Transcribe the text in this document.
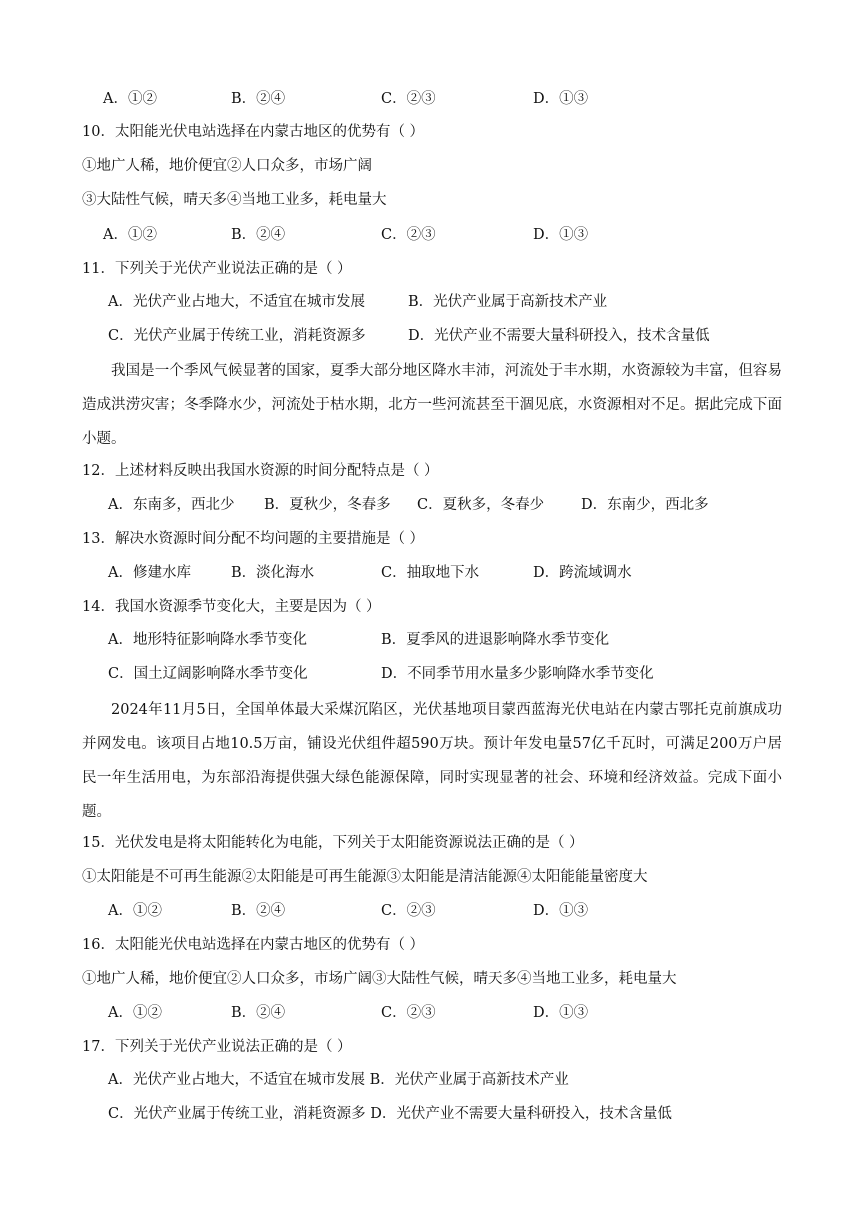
A．①②	B．②④	C．②③	D．①③
10．太阳能光伏电站选择在内蒙古地区的优势有（ ）
①地广人稀，地价便宜②人口众多，市场广阔
③大陆性气候，晴天多④当地工业多，耗电量大
A．①②	B．②④	C．②③	D．①③
11．下列关于光伏产业说法正确的是（ ）
A．光伏产业占地大，不适宜在城市发展	B．光伏产业属于高新技术产业
C．光伏产业属于传统工业，消耗资源多	D．光伏产业不需要大量科研投入，技术含量低

我国是一个季风气候显著的国家，夏季大部分地区降水丰沛，河流处于丰水期，水资源较为丰富，但容易造成洪涝灾害；冬季降水少，河流处于枯水期，北方一些河流甚至干涸见底，水资源相对不足。据此完成下面小题。

12．上述材料反映出我国水资源的时间分配特点是（ ）
A．东南多，西北少 B．夏秋少，冬春多 C．夏秋多，冬春少	D．东南少，西北多
13．解决水资源时间分配不均问题的主要措施是（ ）
A．修建水库	B．淡化海水	C．抽取地下水	D．跨流域调水
14．我国水资源季节变化大，主要是因为（ ）
A．地形特征影响降水季节变化	B．夏季风的进退影响降水季节变化
C．国土辽阔影响降水季节变化	D．不同季节用水量多少影响降水季节变化

2024年11月5日，全国单体最大采煤沉陷区，光伏基地项目蒙西蓝海光伏电站在内蒙古鄂托克前旗成功并网发电。该项目占地10.5万亩，铺设光伏组件超590万块。预计年发电量57亿千瓦时，可满足200万户居民一年生活用电，为东部沿海提供强大绿色能源保障，同时实现显著的社会、环境和经济效益。完成下面小题。

15．光伏发电是将太阳能转化为电能，下列关于太阳能资源说法正确的是（ ）
①太阳能是不可再生能源②太阳能是可再生能源③太阳能是清洁能源④太阳能能量密度大
A．①②	B．②④	C．②③	D．①③
16．太阳能光伏电站选择在内蒙古地区的优势有（ ）
①地广人稀，地价便宜②人口众多，市场广阔③大陆性气候，晴天多④当地工业多，耗电量大
A．①②	B．②④	C．②③	D．①③
17．下列关于光伏产业说法正确的是（ ）
A．光伏产业占地大，不适宜在城市发展 B．光伏产业属于高新技术产业
C．光伏产业属于传统工业，消耗资源多 D．光伏产业不需要大量科研投入，技术含量低
